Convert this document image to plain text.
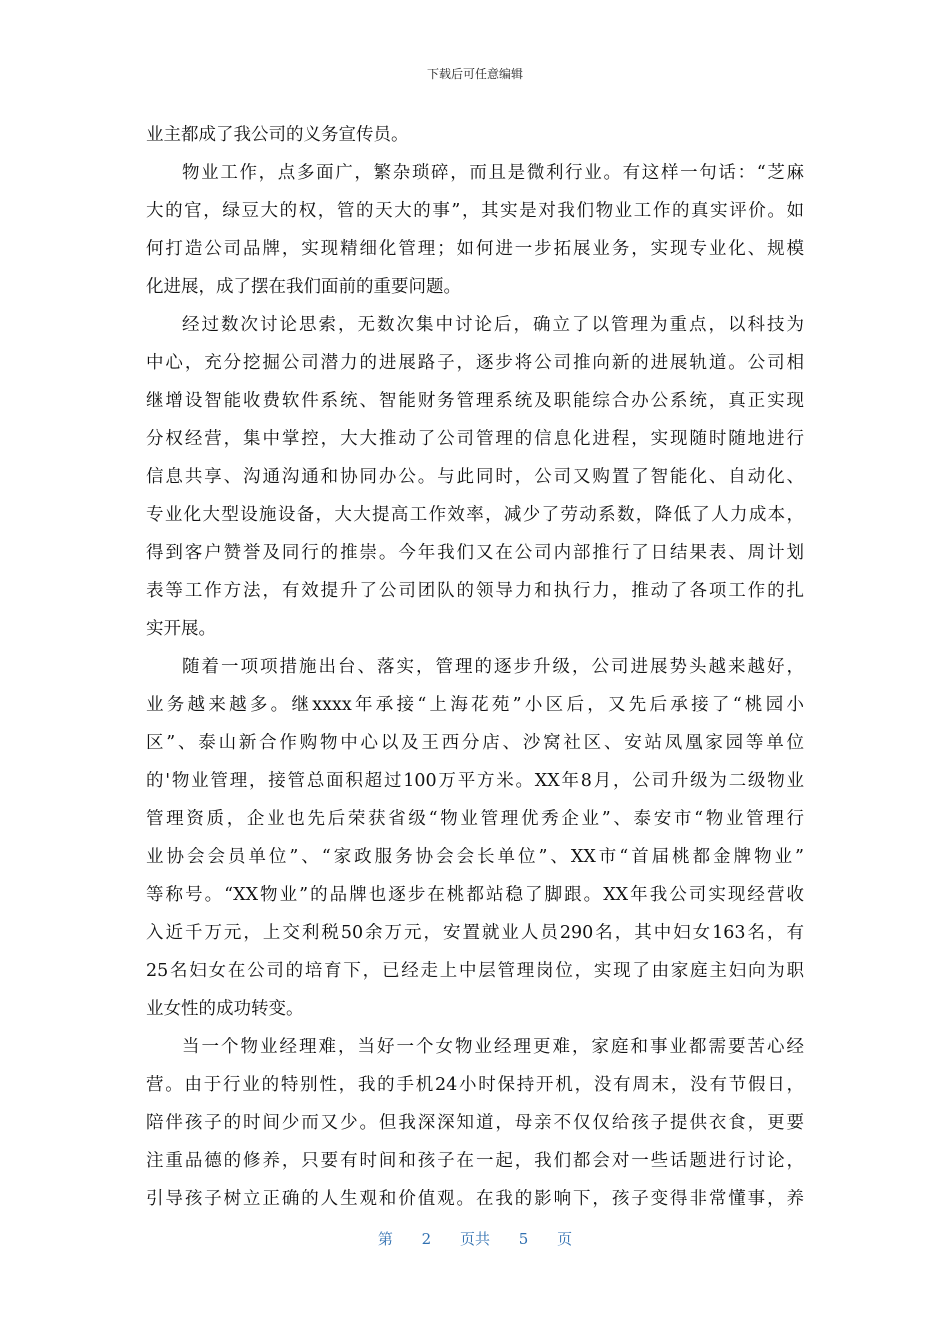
下载后可任意编辑
业主都成了我公司的义务宣传员。
物业工作，点多面广，繁杂琐碎，而且是微利行业。有这样一句话：“芝麻
大的官，绿豆大的权，管的天大的事”，其实是对我们物业工作的真实评价。如
何打造公司品牌，实现精细化管理；如何进一步拓展业务，实现专业化、规模
化进展，成了摆在我们面前的重要问题。
经过数次讨论思索，无数次集中讨论后，确立了以管理为重点，以科技为
中心，充分挖掘公司潜力的进展路子，逐步将公司推向新的进展轨道。公司相
继增设智能收费软件系统、智能财务管理系统及职能综合办公系统，真正实现
分权经营，集中掌控，大大推动了公司管理的信息化进程，实现随时随地进行
信息共享、沟通沟通和协同办公。与此同时，公司又购置了智能化、自动化、
专业化大型设施设备，大大提高工作效率，减少了劳动系数，降低了人力成本，
得到客户赞誉及同行的推崇。今年我们又在公司内部推行了日结果表、周计划
表等工作方法，有效提升了公司团队的领导力和执行力，推动了各项工作的扎
实开展。
随着一项项措施出台、落实，管理的逐步升级，公司进展势头越来越好，
业务越来越多。继xxxx年承接“上海花苑”小区后，又先后承接了“桃园小
区”、泰山新合作购物中心以及王西分店、沙窝社区、安站凤凰家园等单位
的'物业管理，接管总面积超过100万平方米。XX年8月，公司升级为二级物业
管理资质，企业也先后荣获省级“物业管理优秀企业”、泰安市“物业管理行
业协会会员单位”、“家政服务协会会长单位”、XX市“首届桃都金牌物业”
等称号。“XX物业”的品牌也逐步在桃都站稳了脚跟。XX年我公司实现经营收
入近千万元，上交利税50余万元，安置就业人员290名，其中妇女163名，有
25名妇女在公司的培育下，已经走上中层管理岗位，实现了由家庭主妇向为职
业女性的成功转变。
当一个物业经理难，当好一个女物业经理更难，家庭和事业都需要苦心经
营。由于行业的特别性，我的手机24小时保持开机，没有周末，没有节假日，
陪伴孩子的时间少而又少。但我深深知道，母亲不仅仅给孩子提供衣食，更要
注重品德的修养，只要有时间和孩子在一起，我们都会对一些话题进行讨论，
引导孩子树立正确的人生观和价值观。在我的影响下，孩子变得非常懂事，养
第 2 页共 5 页
